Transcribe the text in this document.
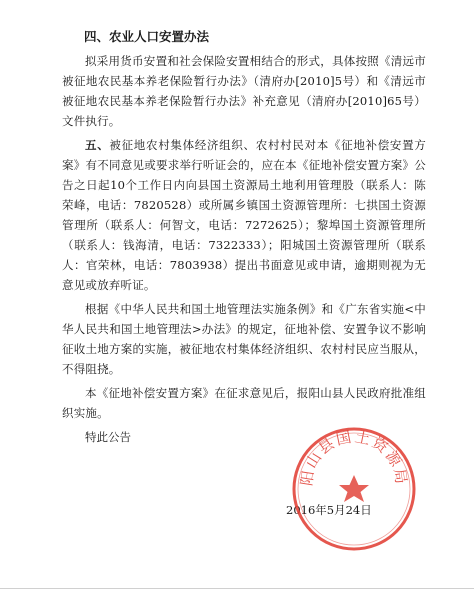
四、农业人口安置办法

拟采用货币安置和社会保险安置相结合的形式，具体按照《清远市被征地农民基本养老保险暂行办法》（清府办[2010]5号）和《清远市被征地农民基本养老保险暂行办法》补充意见（清府办[2010]65号）文件执行。

五、被征地农村集体经济组织、农村村民对本《征地补偿安置方案》有不同意见或要求举行听证会的，应在本《征地补偿安置方案》公告之日起10个工作日内向县国土资源局土地利用管理股（联系人：陈荣峰，电话：7820528）或所属乡镇国土资源管理所：七拱国土资源管理所（联系人：何智文，电话：7272625）；黎埠国土资源管理所（联系人：钱海清，电话：7322333）；阳城国土资源管理所（联系人：官荣林，电话：7803938）提出书面意见或申请，逾期则视为无意见或放弃听证。

根据《中华人民共和国土地管理法实施条例》和《广东省实施<中华人民共和国土地管理法>办法》的规定，征地补偿、安置争议不影响征收土地方案的实施，被征地农村集体经济组织、农村村民应当服从，不得阻挠。

本《征地补偿安置方案》在征求意见后，报阳山县人民政府批准组织实施。

特此公告
2016年5月24日
阳山县国土资源局
